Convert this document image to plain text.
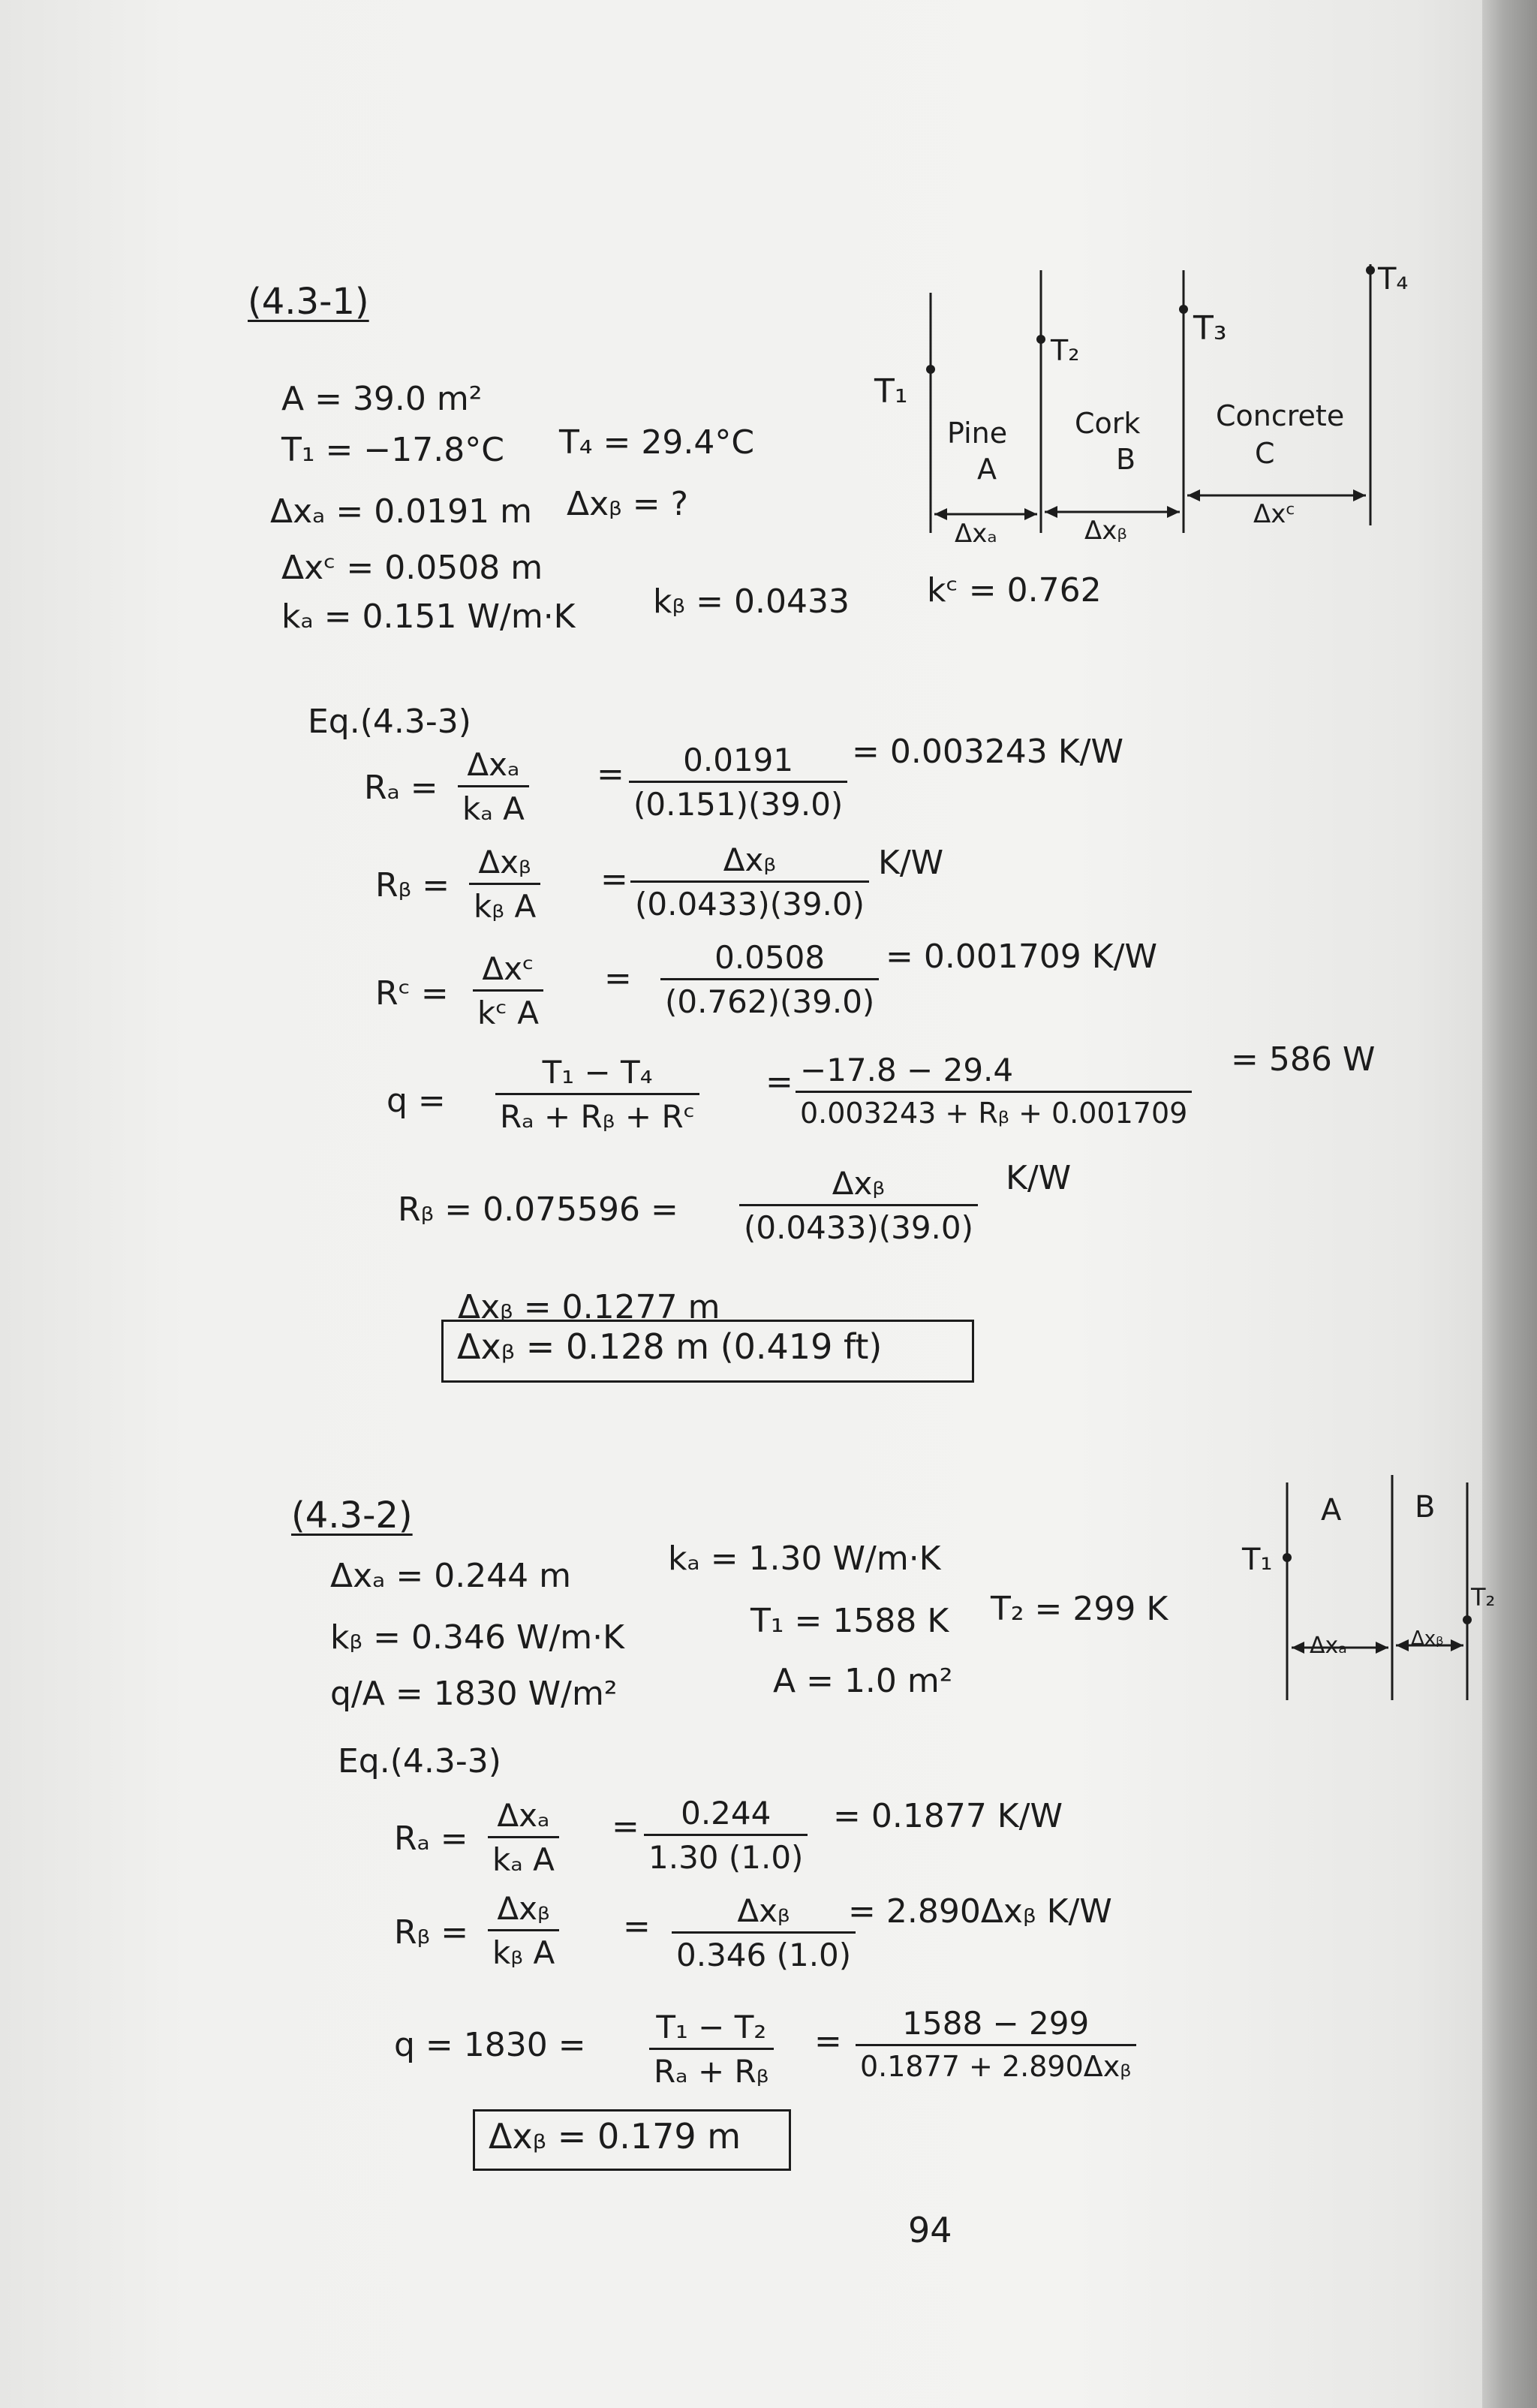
(4.3-1)
A = 39.0 m²
T₁ = −17.8°C T₄ = 29.4°C
Δxₐ = 0.0191 m Δxᵦ = ?
Δxᶜ = 0.0508 m
kₐ = 0.151 W/m·K kᵦ = 0.0433 kᶜ = 0.762
T₁
T₂
T₃
T₄
Pine
A
Cork
B
Concrete
C
Δxₐ	Δxᵦ
Δxᶜ
Eq.(4.3-3)
Rₐ =
Δxₐ
kₐ A
= $\frac{0.0191}{(0.151)(39.0)} = 0.003243$ K/W
Rᵦ =
Δxᵦ
kᵦ A
=
Δxᵦ
(0.0433)(39.0)
K/W
Rᶜ =
Δxᶜ
kᶜ A
= $\frac{0.0508}{(0.762)(39.0)} = 0.001709$ K/W
$q = \frac{\text{T₁ − T₄}}{\text{Rₐ + Rᵦ + Rᶜ}} = \frac{-17.8 - 29.4}{\text{0.003243 + Rᵦ + 0.001709}} = 586$ W
Rᵦ = 0.075596 =
Δxᵦ
(0.0433)(39.0)
K/W
Δxᵦ = 0.1277 m
Δxᵦ = 0.128 m (0.419 ft)
(4.3-2)
Δxₐ = 0.244 m	kₐ = 1.30 W/m·K
kᵦ = 0.346 W/m·K	T₁ = 1588 K T₂ = 299 K
q/A = 1830 W/m²	A = 1.0 m²
T₁
T₂
A B
Δxₐ	Δxᵦ
Eq.(4.3-3)
Rₐ =
Δxₐ
kₐ A
= $\frac{0.244}{1.30 (1.0)} = 0.1877$ K/W
Rᵦ =
Δxᵦ
kᵦ A
=	Δxᵦ
0.346 (1.0)
= 2.890Δxᵦ K/W
$q = 1830 = \frac{\text{T₁ − T₂}}{\text{Rₐ + Rᵦ}} = 1588 - 299$
0.1877 + 2.890Δxᵦ
Δxᵦ = 0.179 m
94
